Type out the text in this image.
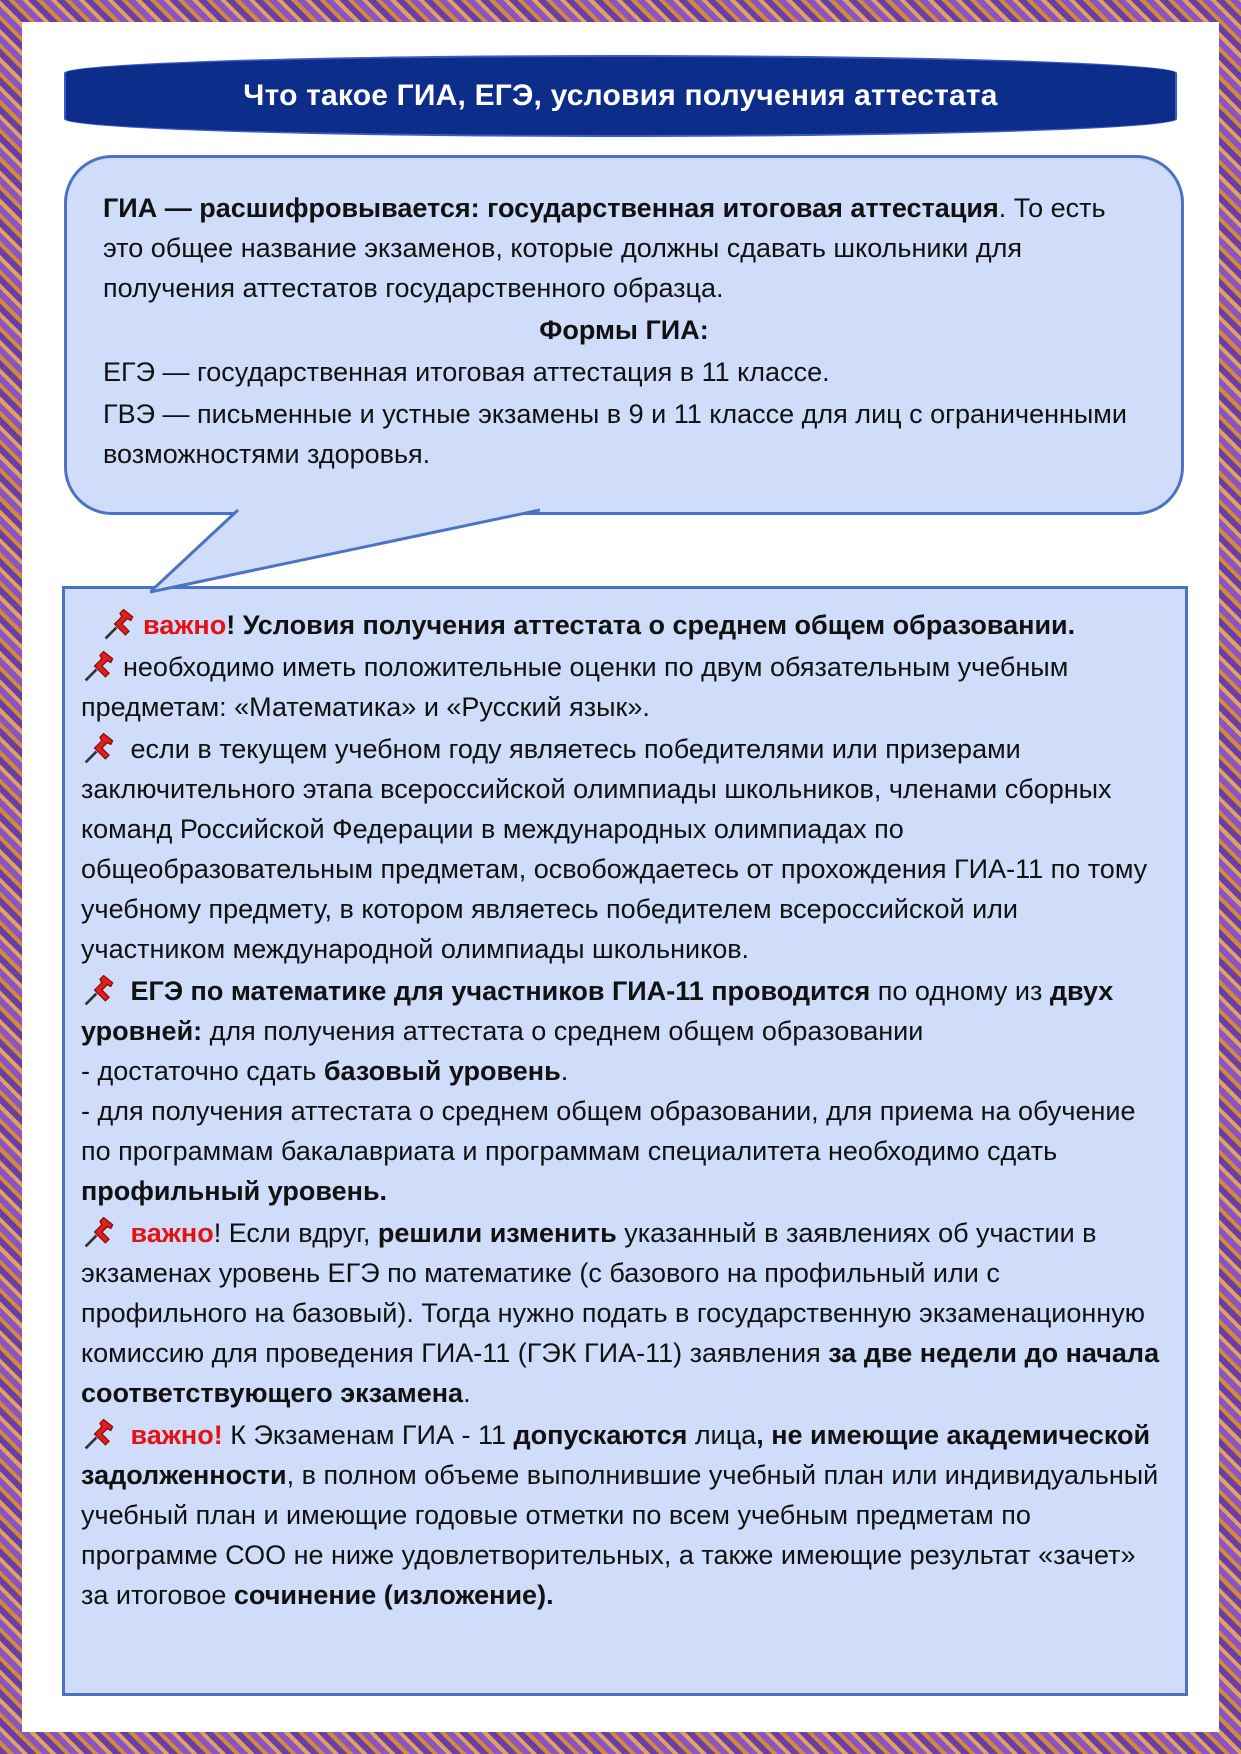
Что такое ГИА, ЕГЭ, условия получения аттестата
ГИА — расшифровывается: государственная итоговая аттестация. То есть это общее название экзаменов, которые должны сдавать школьники для получения аттестатов государственного образца.
Формы ГИА:
ЕГЭ — государственная итоговая аттестация в 11 классе.
ГВЭ — письменные и устные экзамены в 9 и 11 классе для лиц с ограниченными возможностями здоровья.
важно! Условия получения аттестата о среднем общем образовании.
необходимо иметь положительные оценки по двум обязательным учебным предметам: «Математика» и «Русский язык».
если в текущем учебном году являетесь победителями или призерами заключительного этапа всероссийской олимпиады школьников, членами сборных команд Российской Федерации в международных олимпиадах по общеобразовательным предметам, освобождаетесь от прохождения ГИА-11 по тому учебному предмету, в котором являетесь победителем всероссийской или участником международной олимпиады школьников.
ЕГЭ по математике для участников ГИА-11 проводится по одному из двух уровней: для получения аттестата о среднем общем образовании
- достаточно сдать базовый уровень.
- для получения аттестата о среднем общем образовании, для приема на обучение по программам бакалавриата и программам специалитета необходимо сдать профильный уровень.
важно! Если вдруг, решили изменить указанный в заявлениях об участии в экзаменах уровень ЕГЭ по математике (с базового на профильный или с профильного на базовый). Тогда нужно подать в государственную экзаменационную комиссию для проведения ГИА-11 (ГЭК ГИА-11) заявления за две недели до начала соответствующего экзамена.
важно! К Экзаменам ГИА - 11 допускаются лица, не имеющие академической задолженности, в полном объеме выполнившие учебный план или индивидуальный учебный план и имеющие годовые отметки по всем учебным предметам по программе СОО не ниже удовлетворительных, а также имеющие результат «зачет» за итоговое сочинение (изложение).
